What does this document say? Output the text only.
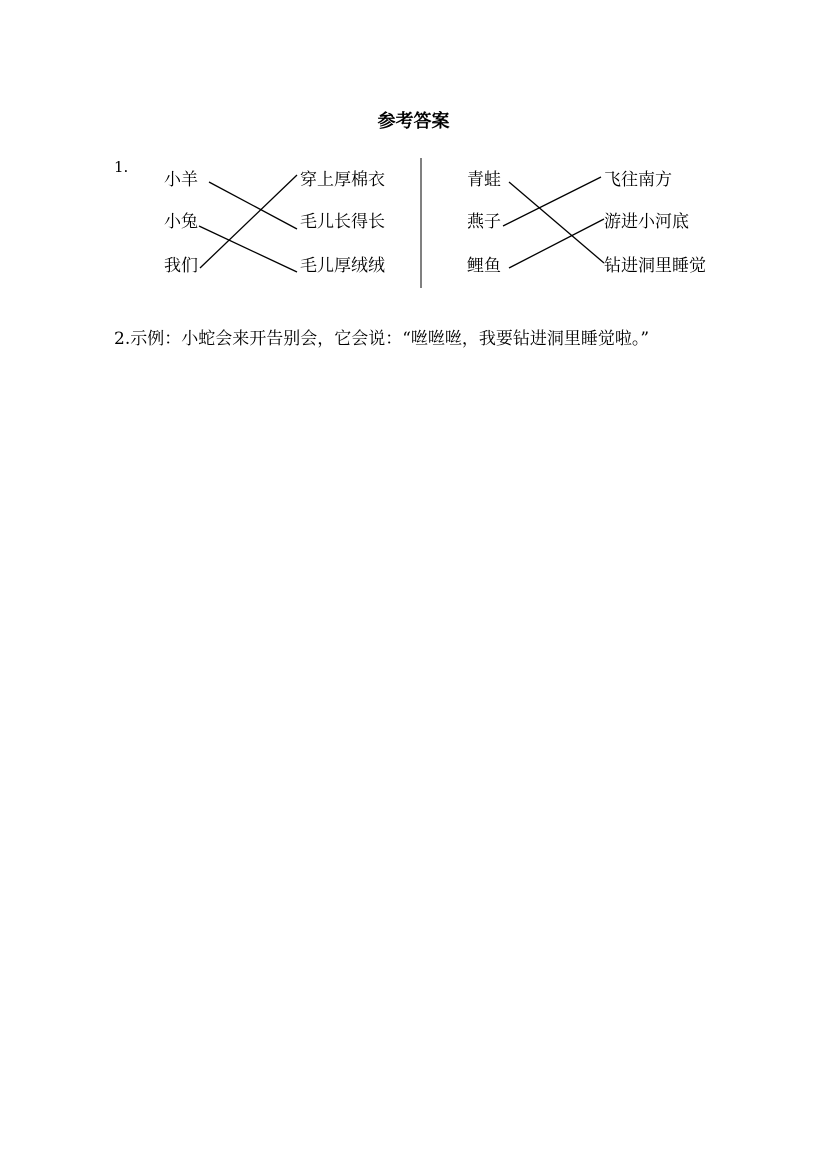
参考答案
1.
小羊
小兔
我们
穿上厚棉衣
毛儿长得长
毛儿厚绒绒
青蛙
燕子
鲤鱼
飞往南方
游进小河底
钻进洞里睡觉
2.示例：小蛇会来开告别会，它会说：“咝咝咝，我要钻进洞里睡觉啦。”
